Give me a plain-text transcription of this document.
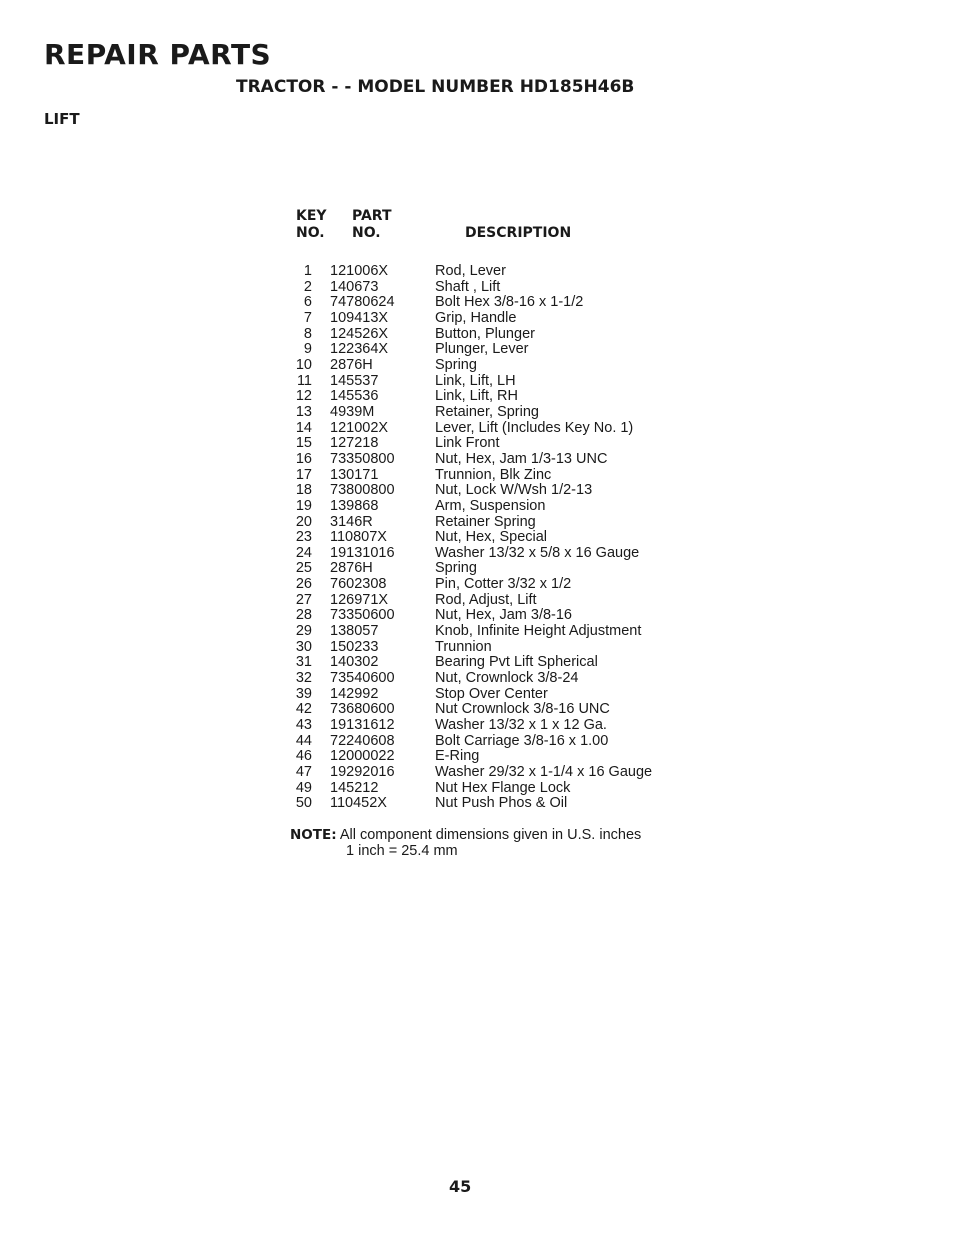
REPAIR PARTS
TRACTOR - - MODEL NUMBER HD185H46B
LIFT
KEY
NO.
PART
NO.	DESCRIPTION
1 121006X	Rod, Lever
2 140673	Shaft , Lift
6 74780624	Bolt Hex 3/8-16 x 1-1/2
7 109413X	Grip, Handle
8 124526X	Button, Plunger
9 122364X	Plunger, Lever
10 2876H	Spring
11 145537	Link, Lift, LH
12 145536	Link, Lift, RH
13 4939M	Retainer, Spring
14 121002X	Lever, Lift (Includes Key No. 1)
15 127218	Link Front
16 73350800	Nut, Hex, Jam 1/3-13 UNC
17 130171	Trunnion, Blk Zinc
18 73800800	Nut, Lock W/Wsh 1/2-13
19 139868	Arm, Suspension
20 3146R	Retainer Spring
23 110807X	Nut, Hex, Special
24 19131016	Washer 13/32 x 5/8 x 16 Gauge
25 2876H	Spring
26 7602308	Pin, Cotter 3/32 x 1/2
27 126971X	Rod, Adjust, Lift
28 73350600	Nut, Hex, Jam 3/8-16
29 138057	Knob, Infinite Height Adjustment
30 150233	Trunnion
31 140302	Bearing Pvt Lift Spherical
32 73540600	Nut, Crownlock 3/8-24
39 142992	Stop Over Center
42 73680600	Nut Crownlock 3/8-16 UNC
43 19131612	Washer 13/32 x 1 x 12 Ga.
44 72240608	Bolt Carriage 3/8-16 x 1.00
46 12000022	E-Ring
47 19292016	Washer 29/32 x 1-1/4 x 16 Gauge
49 145212	Nut Hex Flange Lock
50 110452X	Nut Push Phos & Oil
NOTE: All component dimensions given in U.S. inches
1 inch = 25.4 mm
45
